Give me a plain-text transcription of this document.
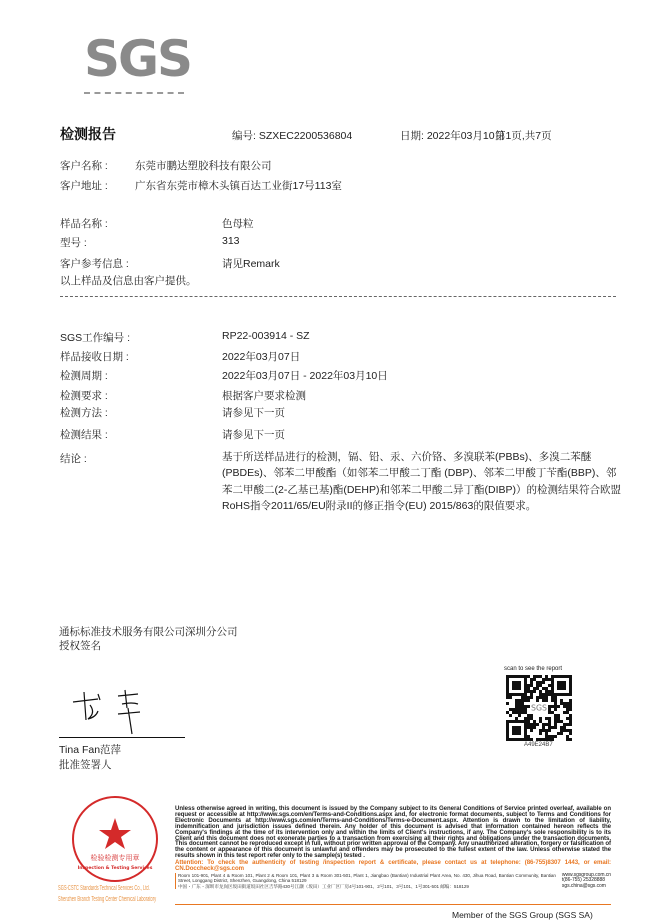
SGS
检测报告	编号: SZXEC2200536804	日期: 2022年03月10日
第1页,共7页
客户名称 :	东莞市鹏达塑胶科技有限公司
客户地址 :	广东省东莞市樟木头镇百达工业街17号113室
样品名称 :	色母粒
型号 :	313
客户参考信息 :	请见Remark
以上样品及信息由客户提供。
SGS工作编号 :	RP22-003914 - SZ
样品接收日期 :	2022年03月07日
检测周期 :	2022年03月07日 - 2022年03月10日
检测要求 :	根据客户要求检测
检测方法 :	请参见下一页
检测结果 :	请参见下一页
结论 :	基于所送样品进行的检测，镉、铅、汞、六价铬、多溴联苯(PBBs)、多溴二苯醚(PBDEs)、邻苯二甲酸酯（如邻苯二甲酸二丁酯 (DBP)、邻苯二甲酸丁苄酯(BBP)、邻苯二甲酸二(2-乙基已基)酯(DEHP)和邻苯二甲酸二异丁酯(DIBP)）的检测结果符合欧盟RoHS指令2011/65/EU附录II的修正指令(EU) 2015/863的限值要求。
通标标准技术服务有限公司深圳分公司
授权签名
Tina Fan范萍
批准签署人
scan to see the report
SGS
A49E24B7
检验检测专用章
Inspection & Testing Services
SGS-CSTC Standards Technical Services Co., Ltd.
Shenzhen Branch Testing Center Chemical Laboratory
Unless otherwise agreed in writing, this document is issued by the Company subject to its General Conditions of Service printed overleaf, available on request or accessible at http://www.sgs.com/en/Terms-and-Conditions.aspx and, for electronic format documents, subject to Terms and Conditions for Electronic Documents at http://www.sgs.com/en/Terms-and-Conditions/Terms-e-Document.aspx. Attention is drawn to the limitation of liability, indemnification and jurisdiction issues defined therein. Any holder of this document is advised that information contained hereon reflects the Company's findings at the time of its intervention only and within the limits of Client's instructions, if any. The Company's sole responsibility is to its Client and this document does not exonerate parties to a transaction from exercising all their rights and obligations under the transaction documents. This document cannot be reproduced except in full, without prior written approval of the Company. Any unauthorized alteration, forgery or falsification of the content or appearance of this document is unlawful and offenders may be prosecuted to the fullest extent of the law. Unless otherwise stated the results shown in this test report refer only to the sample(s) tested .
Attention: To check the authenticity of testing /inspection report & certificate, please contact us at telephone: (86-755)8307 1443, or email: CN.Doccheck@sgs.com
Room 101-901, Plant 4 & Room 101, Plant 2 & Room 101, Plant 3 & Room 301-501, Plant 1, Jiangbao (Bantian) Industrial Plant Area, No. 430, Jihua Road, Bantian Community, Bantian Street, Longgang District, Shenzhen, Guangdong, China 518129
中国・广东・深圳市龙岗区坂田街道坂田社区吉华路430号江灏（坂田）工业厂区厂房4号101-901、2号101、3号101、1号301-501 邮编：518129
www.sgsgroup.com.cn
t(86-755) 25328888
sgs.china@sgs.com
Member of the SGS Group (SGS SA)
